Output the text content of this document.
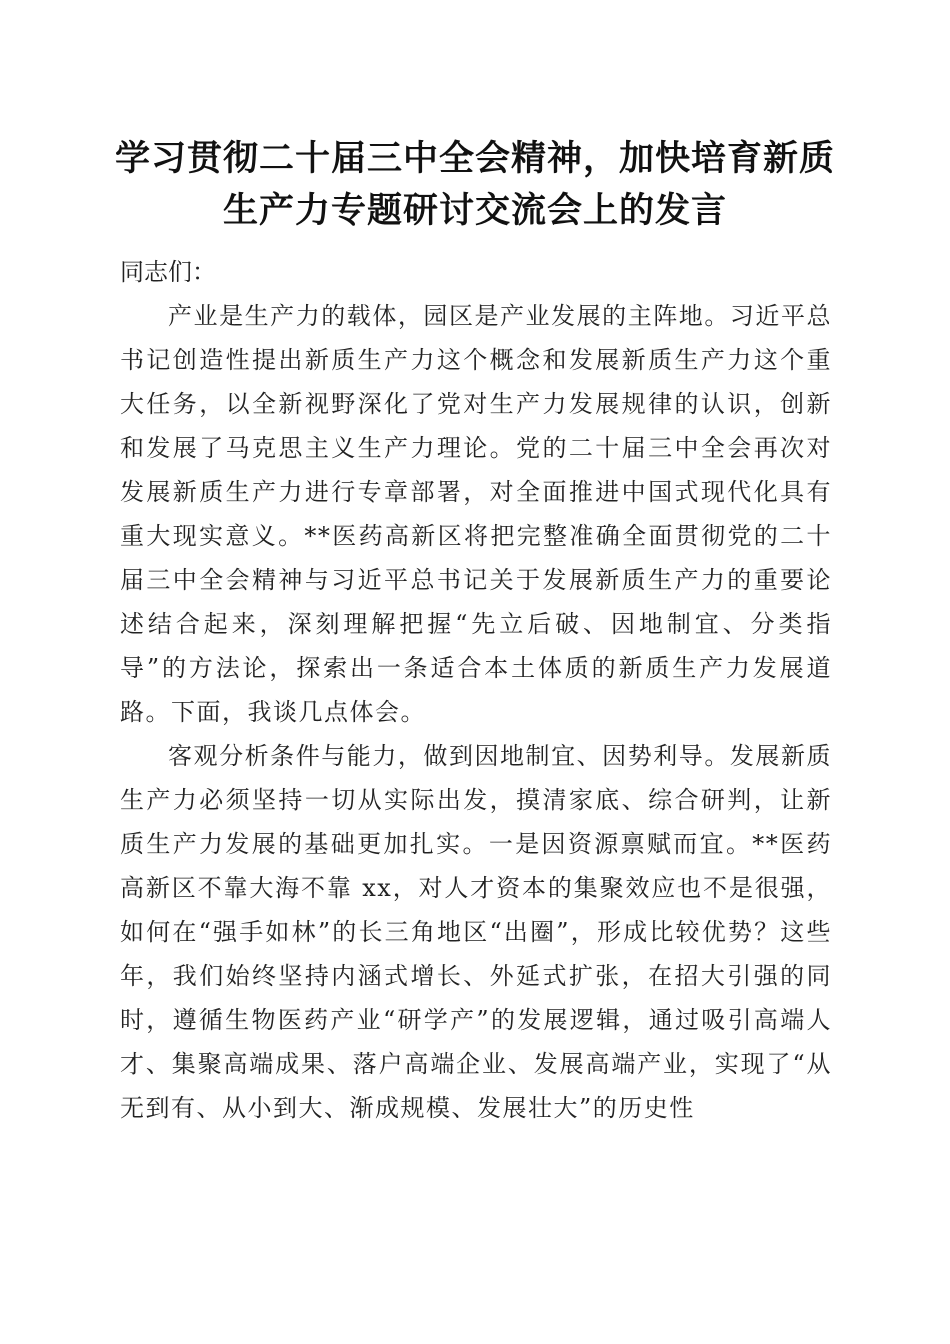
学习贯彻二十届三中全会精神，加快培育新质
生产力专题研讨交流会上的发言

同志们：

产业是生产力的载体，园区是产业发展的主阵地。习近平总书记创造性提出新质生产力这个概念和发展新质生产力这个重大任务，以全新视野深化了党对生产力发展规律的认识，创新和发展了马克思主义生产力理论。党的二十届三中全会再次对发展新质生产力进行专章部署，对全面推进中国式现代化具有重大现实意义。**医药高新区将把完整准确全面贯彻党的二十届三中全会精神与习近平总书记关于发展新质生产力的重要论述结合起来，深刻理解把握“先立后破、因地制宜、分类指导”的方法论，探索出一条适合本土体质的新质生产力发展道路。下面，我谈几点体会。

客观分析条件与能力，做到因地制宜、因势利导。发展新质生产力必须坚持一切从实际出发，摸清家底、综合研判，让新质生产力发展的基础更加扎实。一是因资源禀赋而宜。**医药高新区不靠大海不靠 xx，对人才资本的集聚效应也不是很强，如何在“强手如林”的长三角地区“出圈”，形成比较优势？这些年，我们始终坚持内涵式增长、外延式扩张，在招大引强的同时，遵循生物医药产业“研学产”的发展逻辑，通过吸引高端人才、集聚高端成果、落户高端企业、发展高端产业，实现了“从无到有、从小到大、渐成规模、发展壮大”的历史性
